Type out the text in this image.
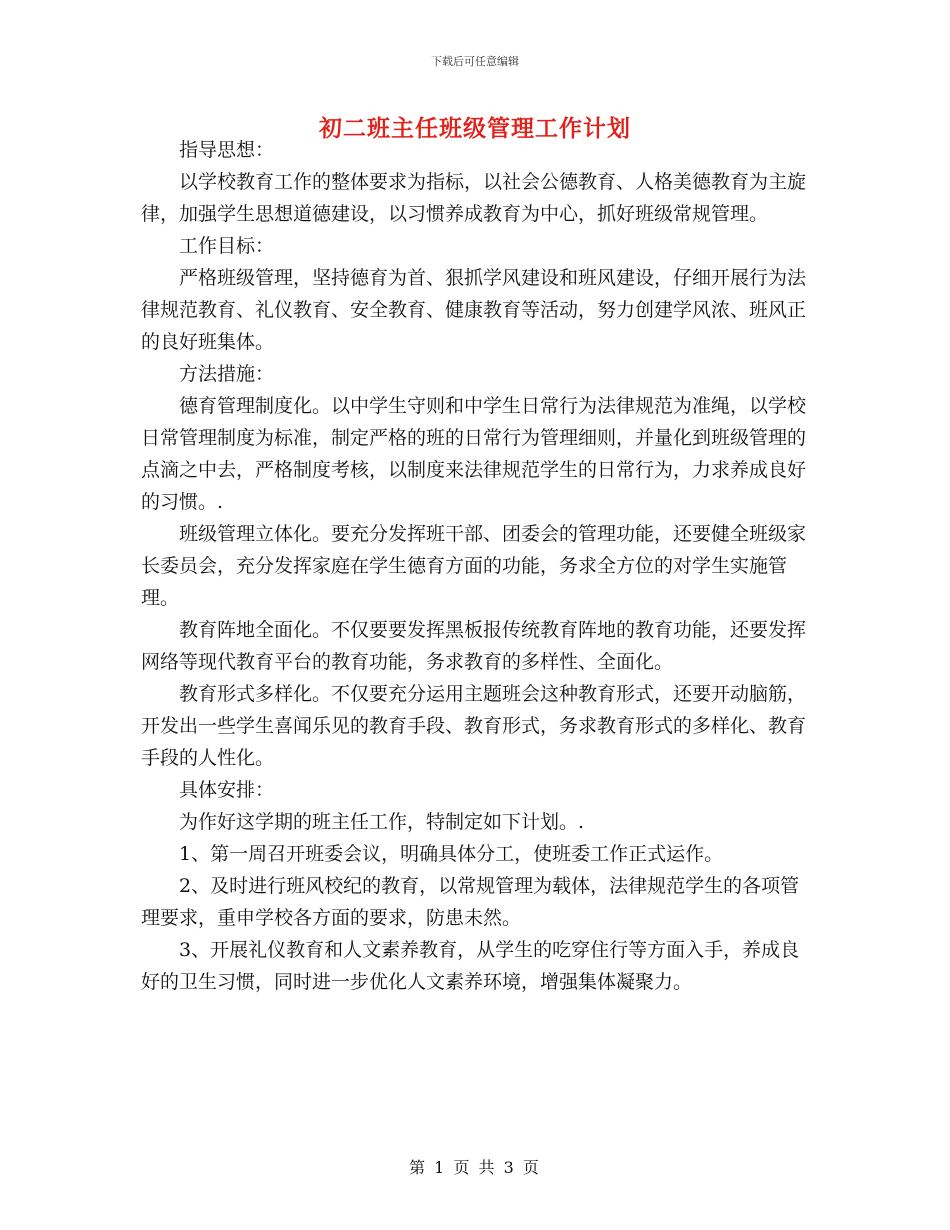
下载后可任意编辑
初二班主任班级管理工作计划

指导思想：

以学校教育工作的整体要求为指标，以社会公德教育、人格美德教育为主旋律，加强学生思想道德建设，以习惯养成教育为中心，抓好班级常规管理。

工作目标：

严格班级管理，坚持德育为首、狠抓学风建设和班风建设，仔细开展行为法律规范教育、礼仪教育、安全教育、健康教育等活动，努力创建学风浓、班风正的良好班集体。

方法措施：

德育管理制度化。以中学生守则和中学生日常行为法律规范为准绳，以学校日常管理制度为标准，制定严格的班的日常行为管理细则，并量化到班级管理的点滴之中去，严格制度考核，以制度来法律规范学生的日常行为，力求养成良好的习惯。.

班级管理立体化。要充分发挥班干部、团委会的管理功能，还要健全班级家长委员会，充分发挥家庭在学生德育方面的功能，务求全方位的对学生实施管理。

教育阵地全面化。不仅要要发挥黑板报传统教育阵地的教育功能，还要发挥网络等现代教育平台的教育功能，务求教育的多样性、全面化。

教育形式多样化。不仅要充分运用主题班会这种教育形式，还要开动脑筋，开发出一些学生喜闻乐见的教育手段、教育形式，务求教育形式的多样化、教育手段的人性化。

具体安排：

为作好这学期的班主任工作，特制定如下计划。.

1、第一周召开班委会议，明确具体分工，使班委工作正式运作。

2、及时进行班风校纪的教育，以常规管理为载体，法律规范学生的各项管理要求，重申学校各方面的要求，防患未然。

3、开展礼仪教育和人文素养教育，从学生的吃穿住行等方面入手，养成良好的卫生习惯，同时进一步优化人文素养环境，增强集体凝聚力。

第 1 页 共 3 页
